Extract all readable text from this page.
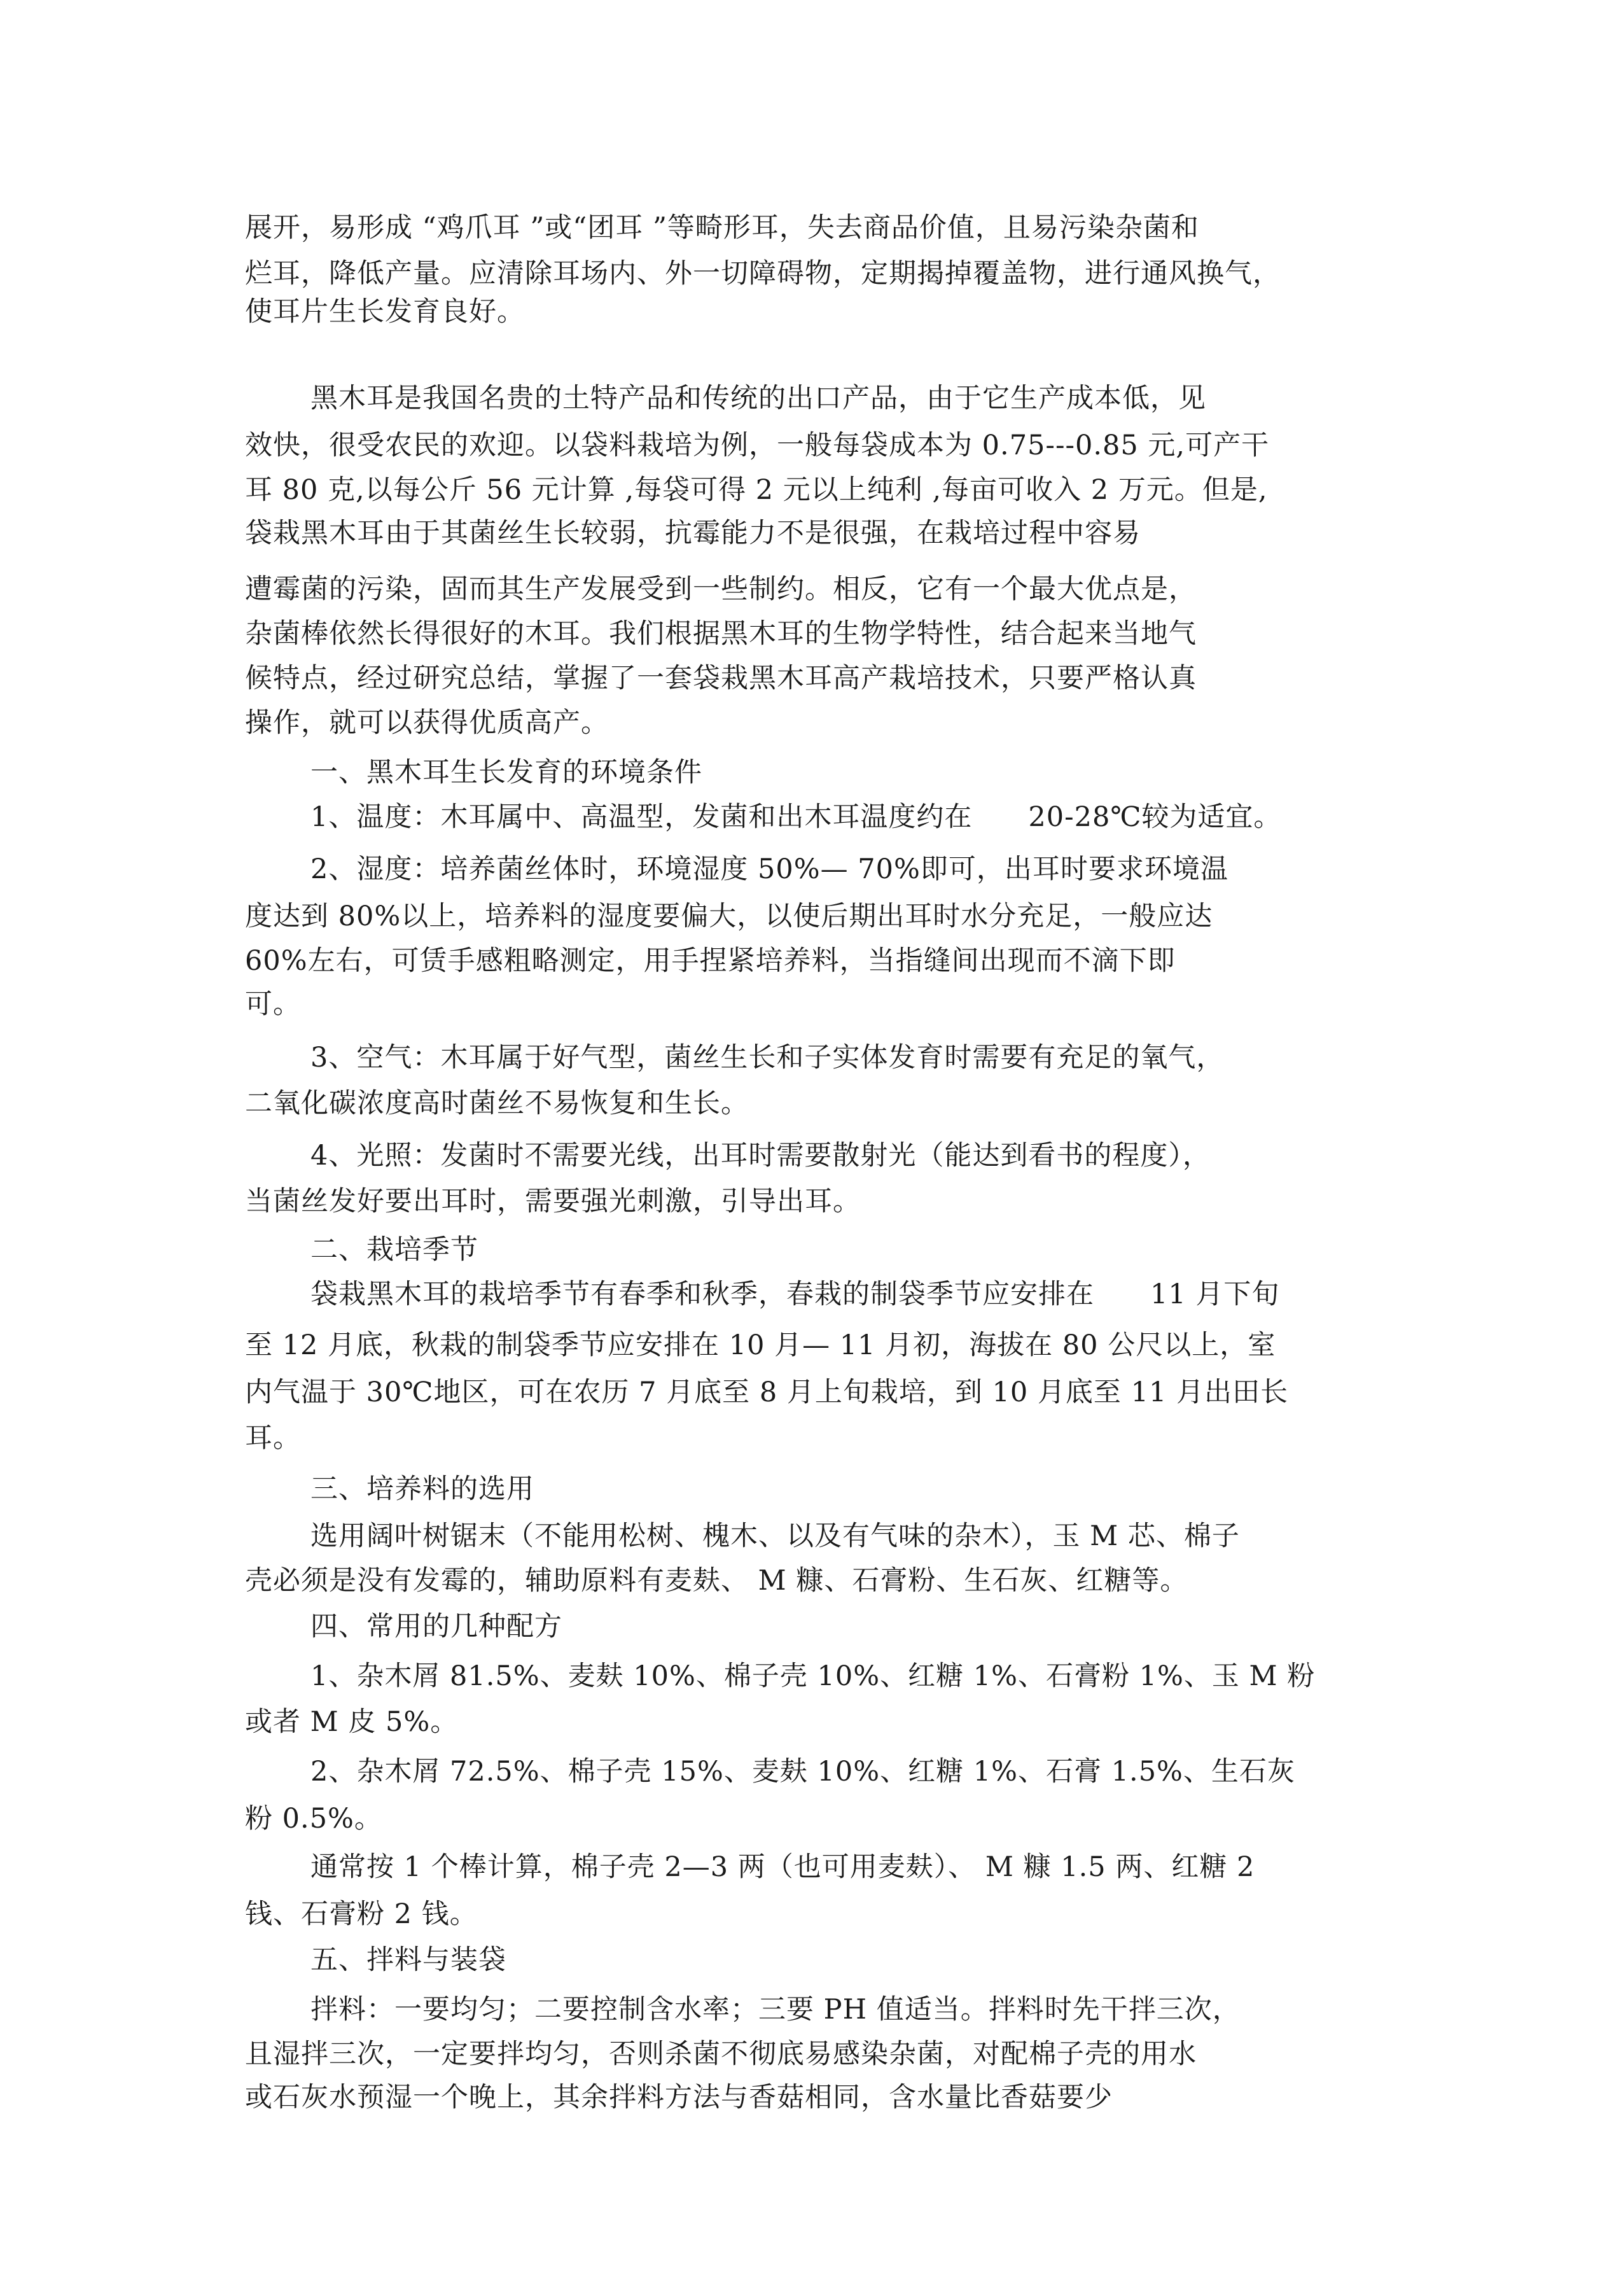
展开，易形成 “鸡爪耳 ”或“团耳 ”等畸形耳，失去商品价值，且易污染杂菌和
烂耳，降低产量。应清除耳场内、外一切障碍物，定期揭掉覆盖物，进行通风换气，
使耳片生长发育良好。
黑木耳是我国名贵的土特产品和传统的出口产品，由于它生产成本低，见
效快，很受农民的欢迎。以袋料栽培为例，一般每袋成本为 0.75---0.85 元,可产干
耳 80 克,以每公斤 56 元计算 ,每袋可得 2 元以上纯利 ,每亩可收入 2 万元。但是,
袋栽黑木耳由于其菌丝生长较弱，抗霉能力不是很强，在栽培过程中容易
遭霉菌的污染，固而其生产发展受到一些制约。相反，它有一个最大优点是，
杂菌棒依然长得很好的木耳。我们根据黑木耳的生物学特性，结合起来当地气
候特点，经过研究总结，掌握了一套袋栽黑木耳高产栽培技术，只要严格认真
操作，就可以获得优质高产。
一、黑木耳生长发育的环境条件
1、温度：木耳属中、高温型，发菌和出木耳温度约在　　20-28℃较为适宜。
2、湿度：培养菌丝体时，环境湿度 50%— 70%即可，出耳时要求环境温
度达到 80%以上，培养料的湿度要偏大，以使后期出耳时水分充足，一般应达
60%左右，可赁手感粗略测定，用手捏紧培养料，当指缝间出现而不滴下即
可。
3、空气：木耳属于好气型，菌丝生长和子实体发育时需要有充足的氧气，
二氧化碳浓度高时菌丝不易恢复和生长。
4、光照：发菌时不需要光线，出耳时需要散射光（能达到看书的程度），
当菌丝发好要出耳时，需要强光刺激，引导出耳。
二、栽培季节
袋栽黑木耳的栽培季节有春季和秋季，春栽的制袋季节应安排在　　11 月下旬
至 12 月底，秋栽的制袋季节应安排在 10 月— 11 月初，海拔在 80 公尺以上，室
内气温于 30℃地区，可在农历 7 月底至 8 月上旬栽培，到 10 月底至 11 月出田长
耳。
三、培养料的选用
选用阔叶树锯末（不能用松树、槐木、以及有气味的杂木），玉 M 芯、棉子
壳必须是没有发霉的，辅助原料有麦麸、 M 糠、石膏粉、生石灰、红糖等。
四、常用的几种配方
1、杂木屑 81.5%、麦麸 10%、棉子壳 10%、红糖 1%、石膏粉 1%、玉 M 粉
或者 M 皮 5%。
2、杂木屑 72.5%、棉子壳 15%、麦麸 10%、红糖 1%、石膏 1.5%、生石灰
粉 0.5%。
通常按 1 个棒计算，棉子壳 2—3 两（也可用麦麸）、 M 糠 1.5 两、红糖 2
钱、石膏粉 2 钱。
五、拌料与装袋
拌料：一要均匀；二要控制含水率；三要 PH 值适当。拌料时先干拌三次，
且湿拌三次，一定要拌均匀，否则杀菌不彻底易感染杂菌，对配棉子壳的用水
或石灰水预湿一个晚上，其余拌料方法与香菇相同，含水量比香菇要少
